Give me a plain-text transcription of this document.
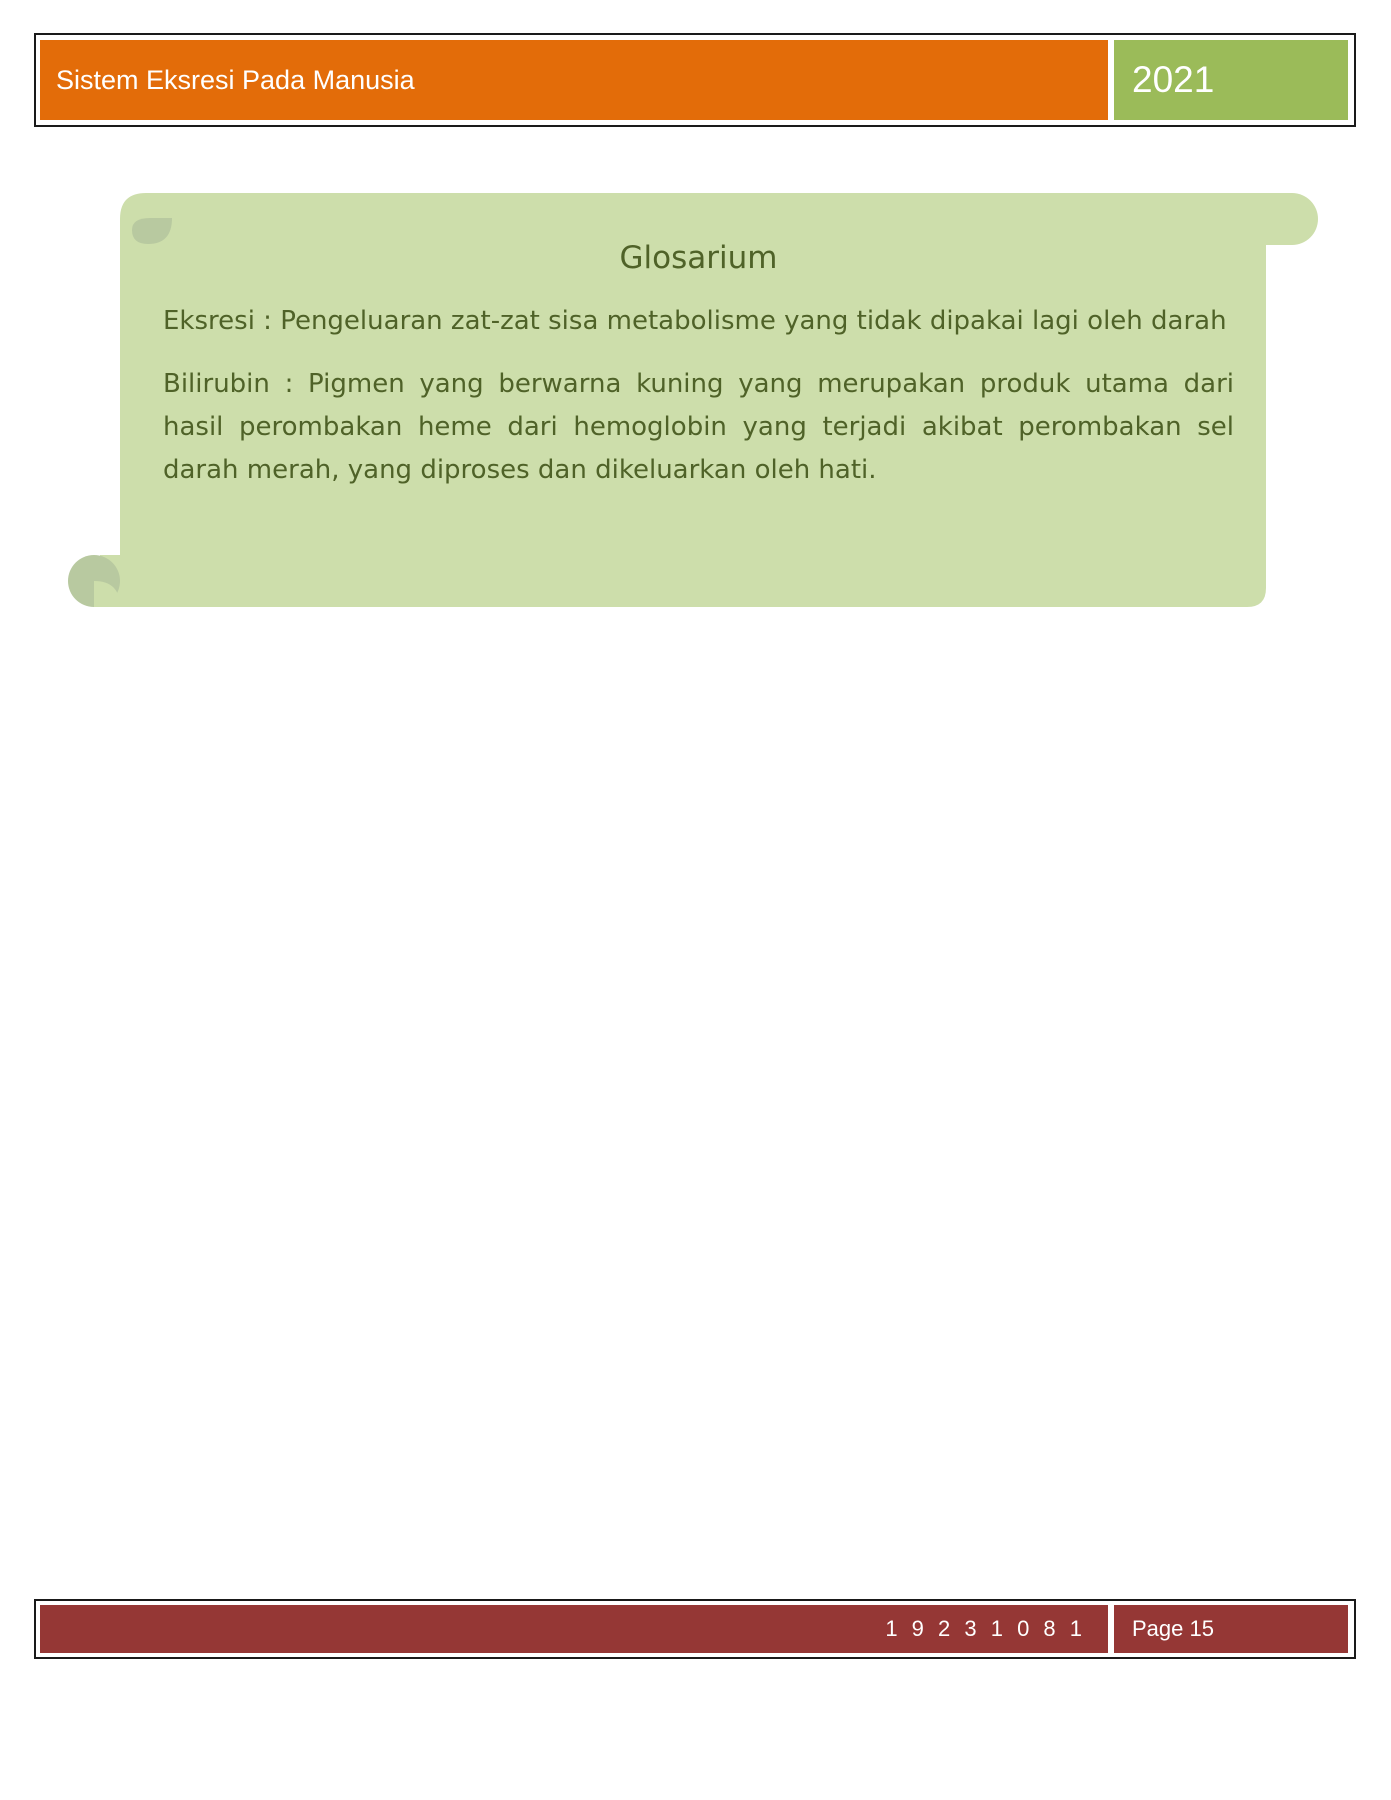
Sistem Eksresi Pada Manusia	2021
Glosarium

Eksresi : Pengeluaran zat-zat sisa metabolisme yang tidak dipakai lagi oleh darah

Bilirubin : Pigmen yang berwarna kuning yang merupakan produk utama dari hasil perombakan heme dari hemoglobin yang terjadi akibat perombakan sel darah merah, yang diproses dan dikeluarkan oleh hati.

1 9 2 3 1 0 8 1 Page 15
